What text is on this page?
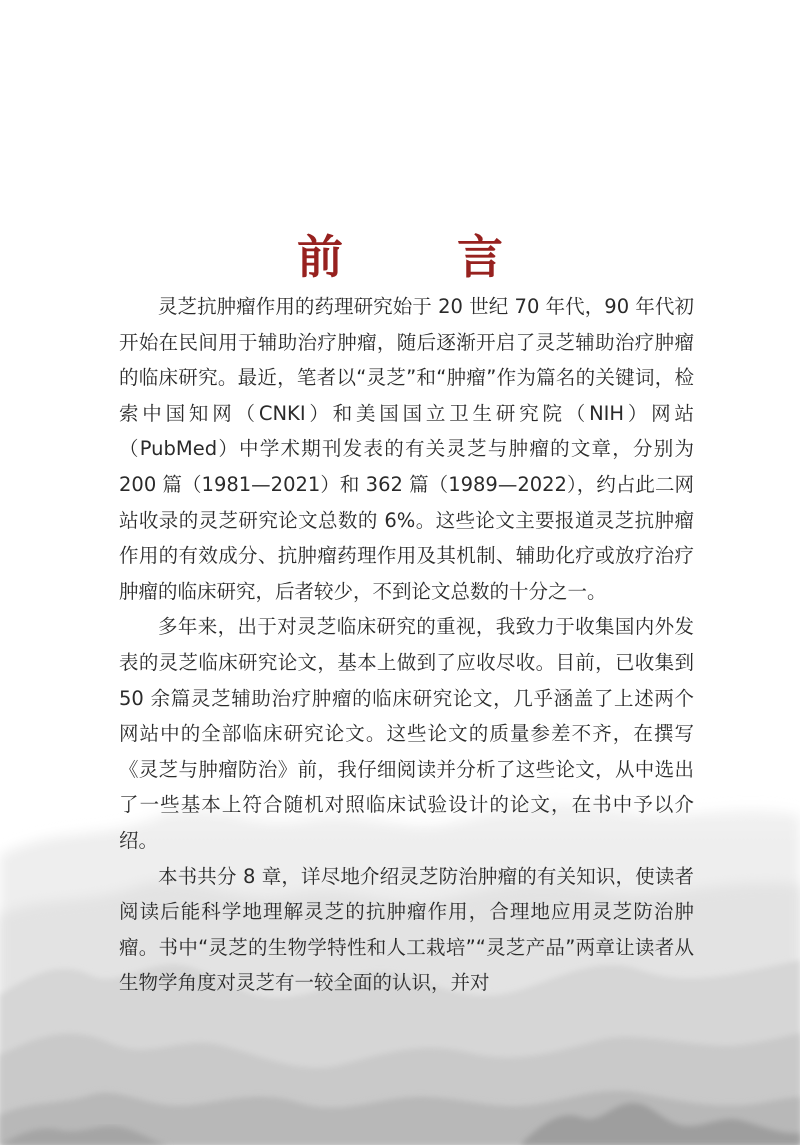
前　言

灵芝抗肿瘤作用的药理研究始于 20 世纪 70 年代，90 年代初开始在民间用于辅助治疗肿瘤，随后逐渐开启了灵芝辅助治疗肿瘤的临床研究。最近，笔者以“灵芝”和“肿瘤”作为篇名的关键词，检索中国知网（CNKI）和美国国立卫生研究院（NIH）网站（PubMed）中学术期刊发表的有关灵芝与肿瘤的文章，分别为 200 篇（1981—2021）和 362 篇（1989—2022），约占此二网站收录的灵芝研究论文总数的 6%。这些论文主要报道灵芝抗肿瘤作用的有效成分、抗肿瘤药理作用及其机制、辅助化疗或放疗治疗肿瘤的临床研究，后者较少，不到论文总数的十分之一。

多年来，出于对灵芝临床研究的重视，我致力于收集国内外发表的灵芝临床研究论文，基本上做到了应收尽收。目前，已收集到 50 余篇灵芝辅助治疗肿瘤的临床研究论文，几乎涵盖了上述两个网站中的全部临床研究论文。这些论文的质量参差不齐，在撰写《灵芝与肿瘤防治》前，我仔细阅读并分析了这些论文，从中选出了一些基本上符合随机对照临床试验设计的论文，在书中予以介绍。

本书共分 8 章，详尽地介绍灵芝防治肿瘤的有关知识，使读者阅读后能科学地理解灵芝的抗肿瘤作用，合理地应用灵芝防治肿瘤。书中“灵芝的生物学特性和人工栽培”“灵芝产品”两章让读者从生物学角度对灵芝有一较全面的认识，并对
